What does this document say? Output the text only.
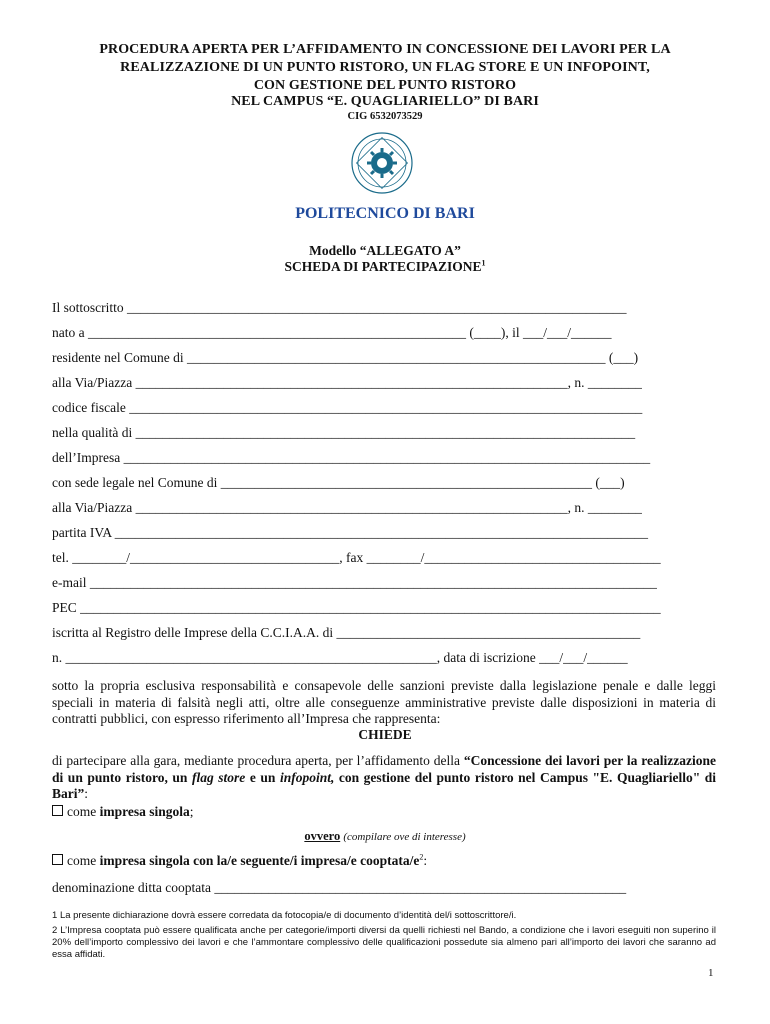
PROCEDURA APERTA PER L’AFFIDAMENTO IN CONCESSIONE DEI LAVORI PER LA
REALIZZAZIONE DI UN PUNTO RISTORO, UN FLAG STORE E UN INFOPOINT,
CON GESTIONE DEL PUNTO RISTORO
NEL CAMPUS “E. QUAGLIARIELLO” DI BARI
CIG 6532073529
POLITECNICO DI BARI
Modello “ALLEGATO A”
SCHEDA DI PARTECIPAZIONE$^1$
Il sottoscritto __________________________________________________________________________
nato a ________________________________________________________ (____), il ___/___/______
residente nel Comune di ______________________________________________________________ (___)
alla Via/Piazza ________________________________________________________________, n. ________
codice fiscale ____________________________________________________________________________
nella qualità di __________________________________________________________________________
dell’Impresa ______________________________________________________________________________
con sede legale nel Comune di _______________________________________________________ (___)
alla Via/Piazza ________________________________________________________________, n. ________
partita IVA _______________________________________________________________________________
tel. ________/_______________________________, fax ________/___________________________________
e-mail ____________________________________________________________________________________
PEC ______________________________________________________________________________________
iscritta al Registro delle Imprese della C.C.I.A.A. di _____________________________________________
n. _______________________________________________________, data di iscrizione ___/___/______
sotto la propria esclusiva responsabilità e consapevole delle sanzioni previste dalla legislazione penale e dalle leggi speciali in materia di falsità negli atti, oltre alle conseguenze amministrative previste dalle disposizioni in materia di contratti pubblici, con espresso riferimento all’Impresa che rappresenta:
CHIEDE
di partecipare alla gara, mediante procedura aperta, per l’affidamento della “Concessione dei lavori per la realizzazione di un punto ristoro, un flag store e un infopoint, con gestione del punto ristoro nel Campus "E. Quagliariello" di Bari”:
come impresa singola;
ovvero (compilare ove di interesse)
come impresa singola con la/e seguente/i impresa/e cooptata/$e^2$:
denominazione ditta cooptata _____________________________________________________________
1 La presente dichiarazione dovrà essere corredata da fotocopia/e di documento d’identità del/i sottoscrittore/i.
2 L’Impresa cooptata può essere qualificata anche per categorie/importi diversi da quelli richiesti nel Bando, a condizione che i lavori eseguiti non superino il 20% dell’importo complessivo dei lavori e che l’ammontare complessivo delle qualificazioni possedute sia almeno pari all’importo dei lavori che saranno ad essa affidati.
1
